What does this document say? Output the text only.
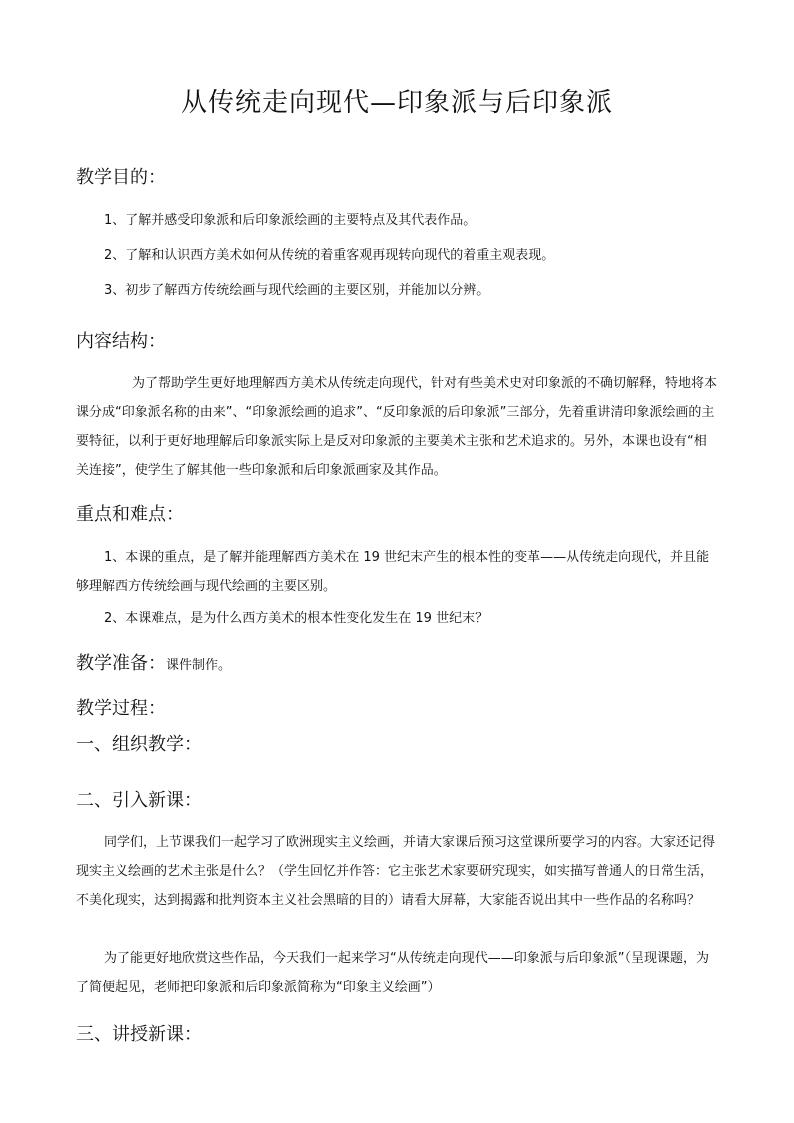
从传统走向现代—印象派与后印象派
教学目的：
1、了解并感受印象派和后印象派绘画的主要特点及其代表作品。
2、了解和认识西方美术如何从传统的着重客观再现转向现代的着重主观表现。
3、初步了解西方传统绘画与现代绘画的主要区别，并能加以分辨。
内容结构：
为了帮助学生更好地理解西方美术从传统走向现代，针对有些美术史对印象派的不确切解释，特地将本课分成“印象派名称的由来”、“印象派绘画的追求”、“反印象派的后印象派”三部分，先着重讲清印象派绘画的主要特征，以利于更好地理解后印象派实际上是反对印象派的主要美术主张和艺术追求的。另外，本课也设有“相关连接”，使学生了解其他一些印象派和后印象派画家及其作品。
重点和难点：
1、本课的重点，是了解并能理解西方美术在 19 世纪末产生的根本性的变革——从传统走向现代，并且能够理解西方传统绘画与现代绘画的主要区别。
2、本课难点，是为什么西方美术的根本性变化发生在 19 世纪末？
教学准备：课件制作。
教学过程：
一、组织教学：
二、引入新课：
同学们，上节课我们一起学习了欧洲现实主义绘画，并请大家课后预习这堂课所要学习的内容。大家还记得现实主义绘画的艺术主张是什么？（学生回忆并作答：它主张艺术家要研究现实，如实描写普通人的日常生活，不美化现实，达到揭露和批判资本主义社会黑暗的目的）请看大屏幕，大家能否说出其中一些作品的名称吗？
为了能更好地欣赏这些作品，今天我们一起来学习“从传统走向现代——印象派与后印象派”（呈现课题，为了简便起见，老师把印象派和后印象派简称为“印象主义绘画”）
三、讲授新课：
